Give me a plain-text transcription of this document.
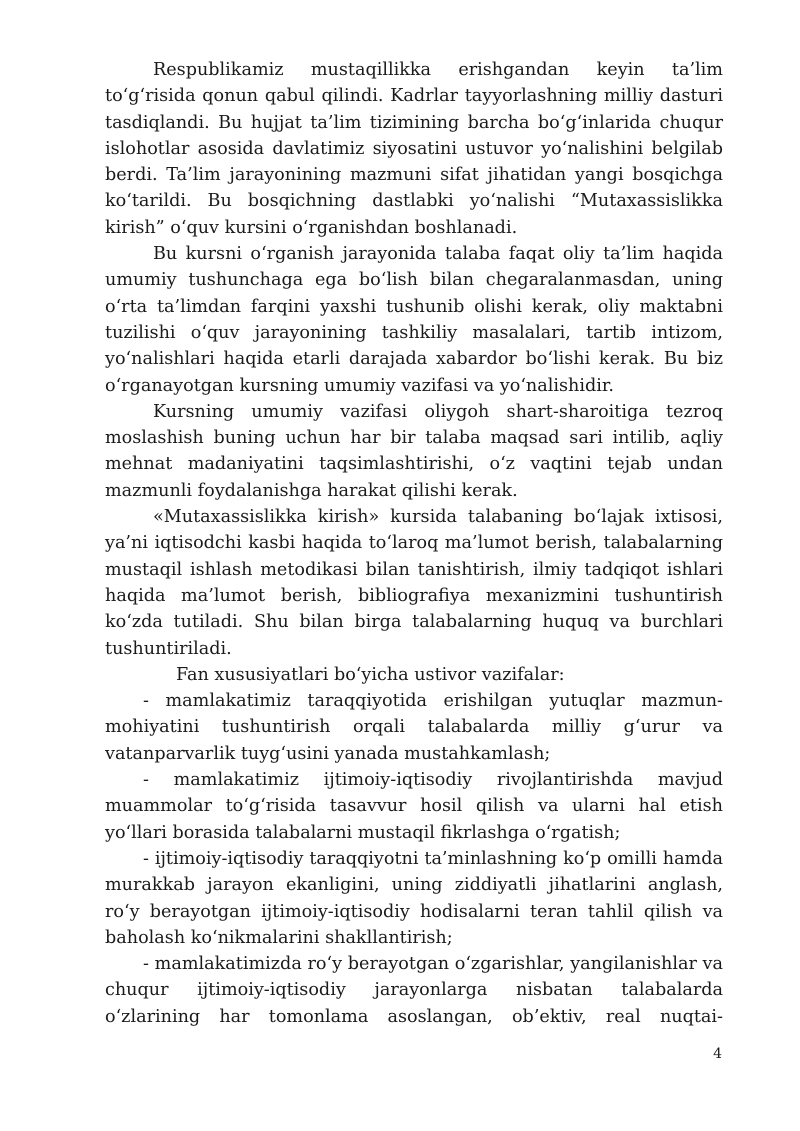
Respublikamiz mustaqillikka erishgandan keyin ta’lim to‘g‘risida qonun qabul qilindi. Kadrlar tayyorlashning milliy dasturi tasdiqlandi. Bu hujjat ta’lim tizimining barcha bo‘g‘inlarida chuqur islohotlar asosida davlatimiz siyosatini ustuvor yo‘nalishini belgilab berdi. Ta’lim jarayonining mazmuni sifat jihatidan yangi bosqichga ko‘tarildi. Bu bosqichning dastlabki yo‘nalishi “Mutaxassislikka kirish” o‘quv kursini o‘rganishdan boshlanadi.

Bu kursni o‘rganish jarayonida talaba faqat oliy ta’lim haqida umumiy tushunchaga ega bo‘lish bilan chegaralanmasdan, uning o‘rta ta’limdan farqini yaxshi tushunib olishi kerak, oliy maktabni tuzilishi o‘quv jarayonining tashkiliy masalalari, tartib intizom, yo‘nalishlari haqida etarli darajada xabardor bo‘lishi kerak. Bu biz o‘rganayotgan kursning umumiy vazifasi va yo‘nalishidir.

Kursning umumiy vazifasi oliygoh shart-sharoitiga tezroq moslashish buning uchun har bir talaba maqsad sari intilib, aqliy mehnat madaniyatini taqsimlashtirishi, o‘z vaqtini tejab undan mazmunli foydalanishga harakat qilishi kerak.

«Mutaxassislikka kirish» kursida talabaning bo‘lajak ixtisosi, ya’ni iqtisodchi kasbi haqida to‘laroq ma’lumot berish, talabalarning mustaqil ishlash metodikasi bilan tanishtirish, ilmiy tadqiqot ishlari haqida ma’lumot berish, bibliografiya mexanizmini tushuntirish ko‘zda tutiladi. Shu bilan birga talabalarning huquq va burchlari tushuntiriladi.

Fan xususiyatlari bo‘yicha ustivor vazifalar:

- mamlakatimiz taraqqiyotida erishilgan yutuqlar mazmun-mohiyatini tushuntirish orqali talabalarda milliy g‘urur va vatanparvarlik tuyg‘usini yanada mustahkamlash;

- mamlakatimiz ijtimoiy-iqtisodiy rivojlantirishda mavjud muammolar to‘g‘risida tasavvur hosil qilish va ularni hal etish yo‘llari borasida talabalarni mustaqil fikrlashga o‘rgatish;

- ijtimoiy-iqtisodiy taraqqiyotni ta’minlashning ko‘p omilli hamda murakkab jarayon ekanligini, uning ziddiyatli jihatlarini anglash, ro‘y berayotgan ijtimoiy-iqtisodiy hodisalarni teran tahlil qilish va baholash ko‘nikmalarini shakllantirish;

- mamlakatimizda ro‘y berayotgan o‘zgarishlar, yangilanishlar va chuqur ijtimoiy-iqtisodiy jarayonlarga nisbatan talabalarda o‘zlarining har tomonlama asoslangan, ob’ektiv, real nuqtai-

4
